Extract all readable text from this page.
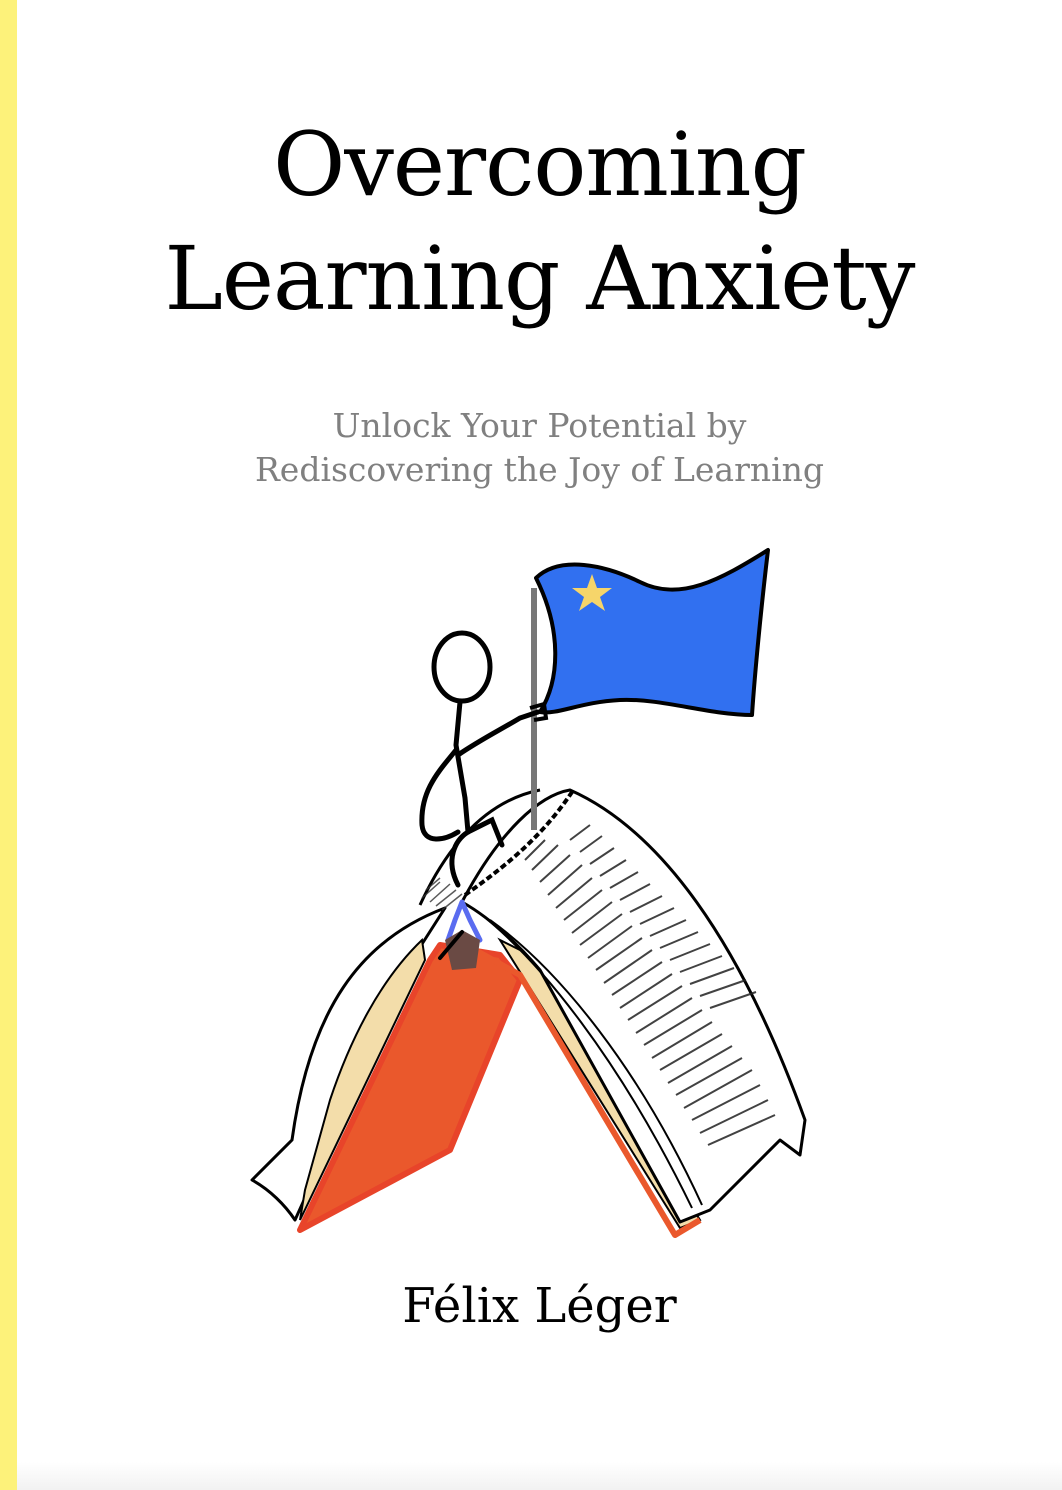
Overcoming
Learning Anxiety
Unlock Your Potential by
Rediscovering the Joy of Learning
Félix Léger
